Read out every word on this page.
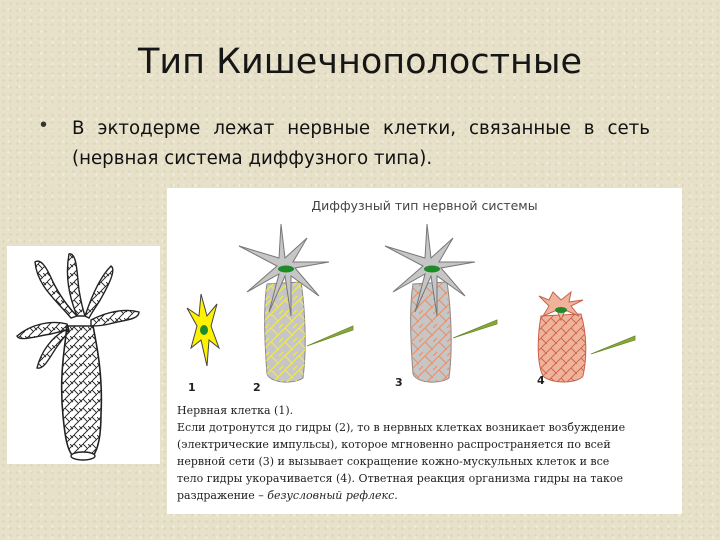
Тип Кишечнополостные
• В эктодерме лежат нервные клетки, связанные в сеть (нервная система диффузного типа).
Диффузный тип нервной системы
1	2	3	4
Нервная клетка (1).
Если дотронутся до гидры (2), то в нервных клетках возникает возбуждение
(электрические импульсы), которое мгновенно распространяется по всей
нервной сети (3) и вызывает сокращение кожно-мускульных клеток и все
тело гидры укорачивается (4). Ответная реакция организма гидры на такое
раздражение – безусловный рефлекс.
